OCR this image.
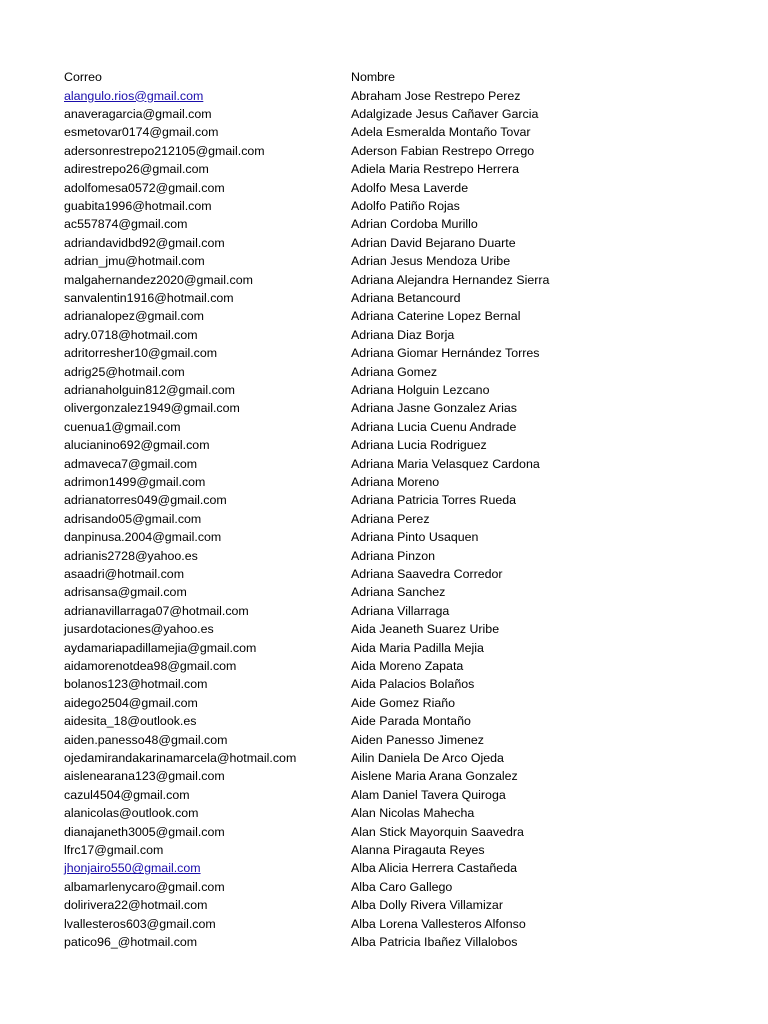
Correo	Nombre
alangulo.rios@gmail.com	Abraham Jose Restrepo Perez
anaveragarcia@gmail.com	Adalgizade Jesus Cañaver Garcia
esmetovar0174@gmail.com	Adela Esmeralda Montaño Tovar
adersonrestrepo212105@gmail.com	Aderson Fabian Restrepo Orrego
adirestrepo26@gmail.com	Adiela Maria Restrepo Herrera
adolfomesa0572@gmail.com	Adolfo Mesa Laverde
guabita1996@hotmail.com	Adolfo Patiño Rojas
ac557874@gmail.com	Adrian Cordoba Murillo
adriandavidbd92@gmail.com	Adrian David Bejarano Duarte
adrian_jmu@hotmail.com	Adrian Jesus Mendoza Uribe
malgahernandez2020@gmail.com	Adriana Alejandra Hernandez Sierra
sanvalentin1916@hotmail.com	Adriana Betancourd
adrianalopez@gmail.com	Adriana Caterine Lopez Bernal
adry.0718@hotmail.com	Adriana Diaz Borja
adritorresher10@gmail.com	Adriana Giomar Hernández Torres
adrig25@hotmail.com	Adriana Gomez
adrianaholguin812@gmail.com	Adriana Holguin Lezcano
olivergonzalez1949@gmail.com	Adriana Jasne Gonzalez Arias
cuenua1@gmail.com	Adriana Lucia Cuenu Andrade
alucianino692@gmail.com	Adriana Lucia Rodriguez
admaveca7@gmail.com	Adriana Maria Velasquez Cardona
adrimon1499@gmail.com	Adriana Moreno
adrianatorres049@gmail.com	Adriana Patricia Torres Rueda
adrisando05@gmail.com	Adriana Perez
danpinusa.2004@gmail.com	Adriana Pinto Usaquen
adrianis2728@yahoo.es	Adriana Pinzon
asaadri@hotmail.com	Adriana Saavedra Corredor
adrisansa@gmail.com	Adriana Sanchez
adrianavillarraga07@hotmail.com	Adriana Villarraga
jusardotaciones@yahoo.es	Aida Jeaneth Suarez Uribe
aydamariapadillamejia@gmail.com	Aida Maria Padilla Mejia
aidamorenotdea98@gmail.com	Aida Moreno Zapata
bolanos123@hotmail.com	Aida Palacios Bolaños
aidego2504@gmail.com	Aide Gomez Riaño
aidesita_18@outlook.es	Aide Parada Montaño
aiden.panesso48@gmail.com	Aiden Panesso Jimenez
ojedamirandakarinamarcela@hotmail.com	Ailin Daniela De Arco Ojeda
aislenearana123@gmail.com	Aislene Maria Arana Gonzalez
cazul4504@gmail.com	Alam Daniel Tavera Quiroga
alanicolas@outlook.com	Alan Nicolas Mahecha
dianajaneth3005@gmail.com	Alan Stick Mayorquin Saavedra
lfrc17@gmail.com	Alanna Piragauta Reyes
jhonjairo550@gmail.com	Alba Alicia Herrera Castañeda
albamarlenycaro@gmail.com	Alba Caro Gallego
dolirivera22@hotmail.com	Alba Dolly Rivera Villamizar
lvallesteros603@gmail.com	Alba Lorena Vallesteros Alfonso
patico96_@hotmail.com	Alba Patricia Ibañez Villalobos
